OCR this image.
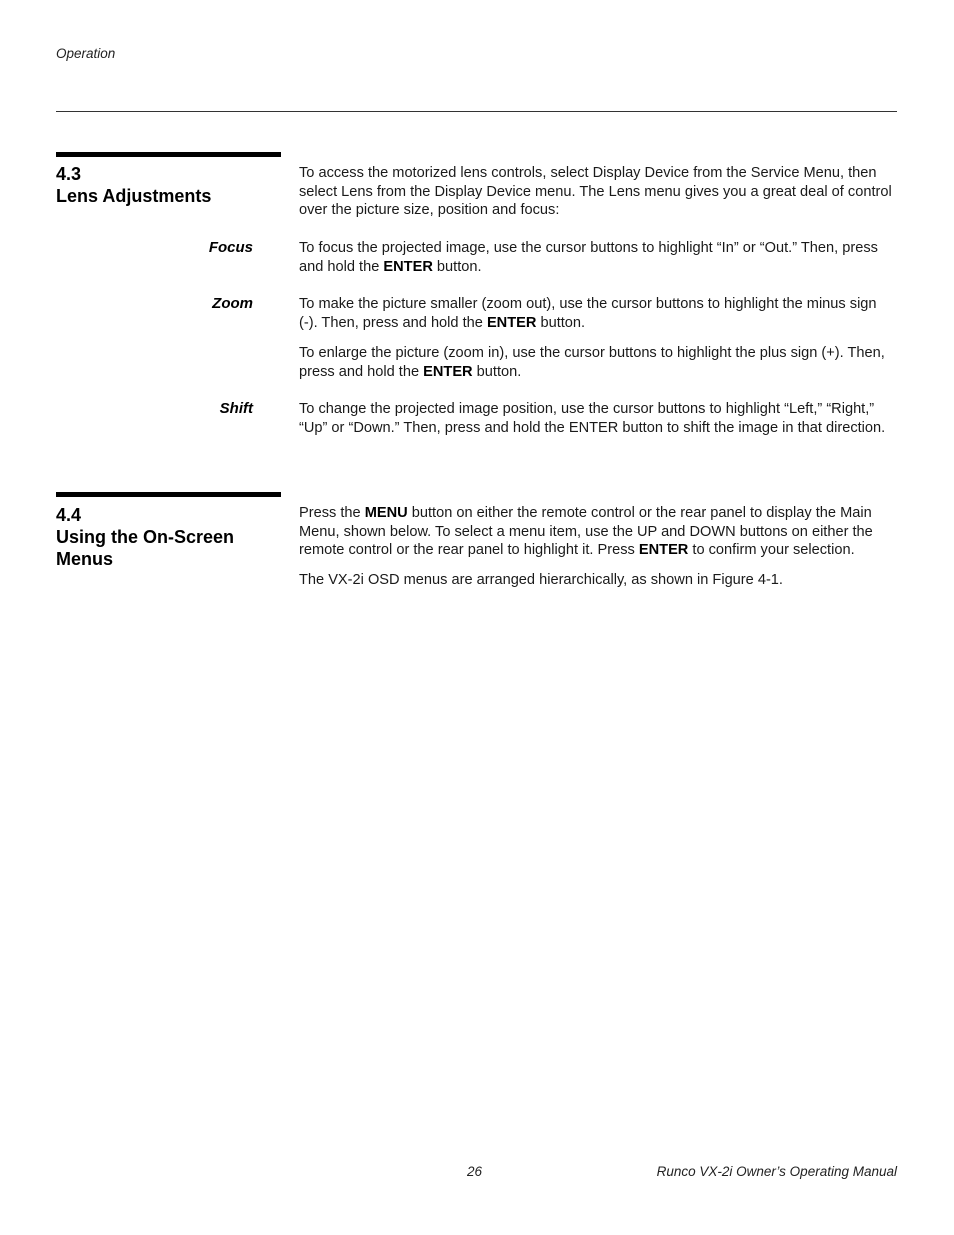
Operation
4.3
Lens Adjustments
To access the motorized lens controls, select Display Device from the Service Menu, then select Lens from the Display Device menu. The Lens menu gives you a great deal of control over the picture size, position and focus:
Focus	To focus the projected image, use the cursor buttons to highlight “In” or “Out.” Then, press and hold the ENTER button.
Zoom	To make the picture smaller (zoom out), use the cursor buttons to highlight the minus sign (-). Then, press and hold the ENTER button.
To enlarge the picture (zoom in), use the cursor buttons to highlight the plus sign (+). Then, press and hold the ENTER button.
Shift	To change the projected image position, use the cursor buttons to highlight “Left,” “Right,” “Up” or “Down.” Then, press and hold the ENTER button to shift the image in that direction.
4.4
Using the On-Screen
Menus
Press the MENU button on either the remote control or the rear panel to display the Main Menu, shown below. To select a menu item, use the UP and DOWN buttons on either the remote control or the rear panel to highlight it. Press ENTER to confirm your selection.
The VX-2i OSD menus are arranged hierarchically, as shown in Figure 4-1.
26	Runco VX-2i Owner’s Operating Manual
